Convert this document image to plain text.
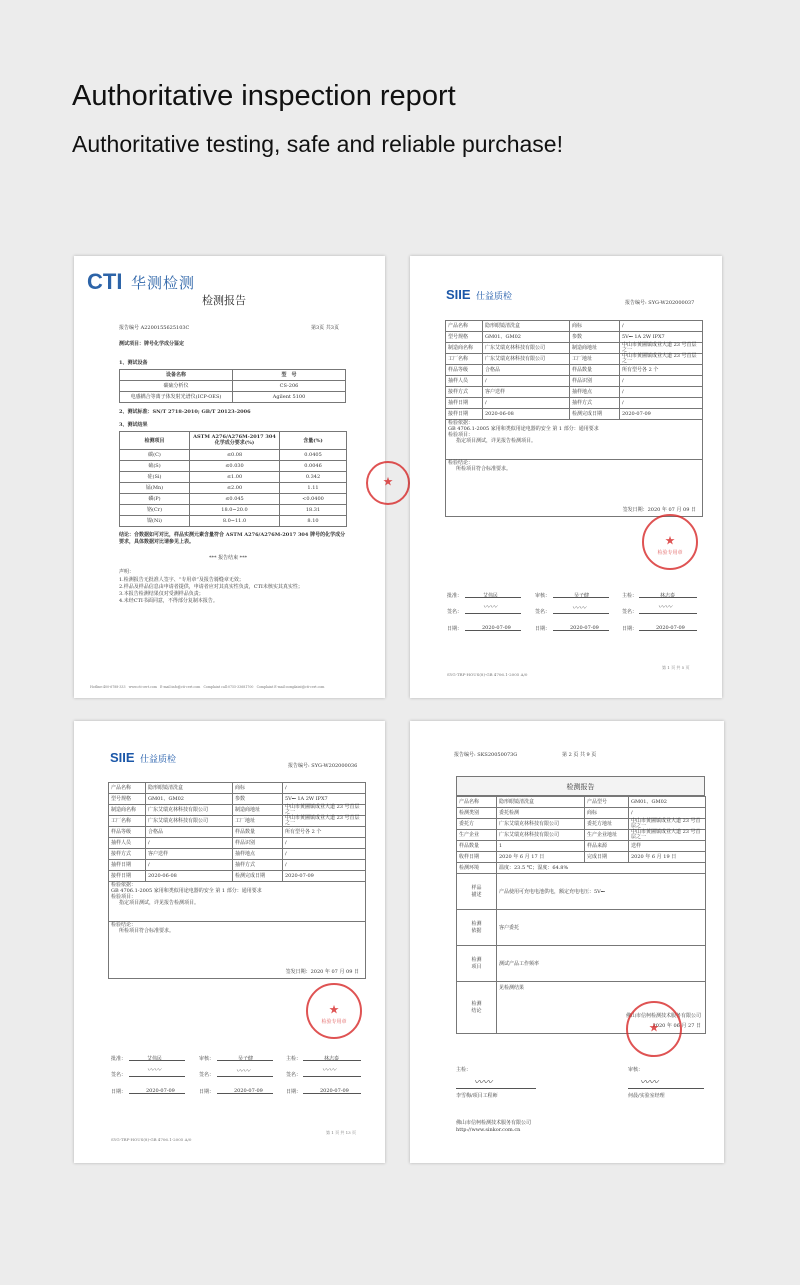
Authoritative inspection report
Authoritative testing, safe and reliable purchase!
CTI 华测检测
检测报告
报告编号 A2200155625103C	第3页 共3页
测试项目：牌号化学成分鉴定
1、测试设备
设备名称	型　号
碳硫分析仪	CS-206
电感耦合等离子体发射光谱仪(ICP-OES)	Agilent 5100
2、测试标准：SN/T 2718-2010; GB/T 20123-2006
3、测试结果
检测项目	ASTM A276/A276M-2017 304 化学成分要求(%)	含量(%)
碳(C)	≤0.08	0.0405
硫(S)	≤0.030	0.0046
硅(Si)	≤1.00	0.342
锰(Mn)	≤2.00	1.11
磷(P)	≤0.045	<0.0400
铬(Cr)	18.0~20.0	18.31
镍(Ni)	8.0~11.0	8.10
结论：合数据如可对比，样品实测元素含量符合 ASTM A276/A276M-2017 304 牌号的化学成分要求，具体数据对比请参见上表。
*** 报告结束 ***
声明：
1.检测报告无批准人签字、“专用章”及报告骑缝章无效；
2.样品及样品信息由申请者提供，申请者应对其真实性负责，CTI未核实其真实性；
3.本报告检测结果仅对受测样品负责；
4.未经CTI书面同意，不得部分复制本报告。
★
Hotline:400-6788-333　www.cti-cert.com　E-mail:info@cti-cert.com　Complaint call:0755-33681700　Complaint E-mail:complaint@cti-cert.com
SIIE 仕益质检
报告编号: SYG-W202000037
产品名称	隐形眼镜清洗盒	商标	/
型号规格	GM01、GM02	参数	5V⎓ 1A 2W IPX7
制造商名称	广东艾瑞克林科技有限公司	制造商地址	中山市黄圃镇成业大道 23 号首层之一
工厂名称	广东艾瑞克林科技有限公司	工厂地址	中山市黄圃镇成业大道 23 号首层之一
样品等级	合格品	样品数量	所有型号各 2 个
抽样人员	/	样品识别	/
接样方式	客户送样	抽样地点	/
抽样日期	/	抽样方式	/
接样日期	2020-06-08	检测完成日期	2020-07-09

检验依据：
GB 4706.1-2005 家用和类似用途电器的安全 第 1 部分：通用要求
检验项目：
指定项目测试，详见报告检测项目。			

检验结论：
所检项目符合标准要求。
签发日期：2020 年 07 月 09 日			
★
检验专用章
批准：	艾伟民	审核：	吴子健	主检：	林志泰
签名：
〰〰
签名：	〰〰	签名：
〰〰
日期：	2020-07-09	日期：	2020-07-09	日期：	2020-07-09
第 1 页 共 5 页
SYG-TRF-HOUS(8)-GB 4706.1-2005 A/0
SIIE 仕益质检
报告编号: SYG-W202000036
产品名称	隐形眼镜清洗盒	商标	/
型号规格	GM01、GM02	参数	5V⎓ 1A 2W IPX7
制造商名称	广东艾瑞克林科技有限公司	制造商地址	中山市黄圃镇成业大道 23 号首层之一
工厂名称	广东艾瑞克林科技有限公司	工厂地址	中山市黄圃镇成业大道 23 号首层之一
样品等级	合格品	样品数量	所有型号各 2 个
抽样人员	/	样品识别	/
接样方式	客户送样	抽样地点	/
抽样日期	/	抽样方式	/
接样日期	2020-06-08	检测完成日期	2020-07-09

检验依据：
GB 4706.1-2005 家用和类似用途电器的安全 第 1 部分：通用要求
检验项目：
指定项目测试，详见报告检测项目。			

检验结论：
所检项目符合标准要求。
签发日期：2020 年 07 月 09 日			
★
检验专用章
批准：	艾伟民	审核：	吴子健	主检：	林志泰
签名：
〰〰
签名：	〰〰	签名：
〰〰
日期：	2020-07-09	日期：	2020-07-09	日期：	2020-07-09
第 1 页 共 13 页
SYG-TRF-HOUS(8)-GB 4706.1-2005 A/0
报告编号: SKS20050073G	第 2 页 共 9 页
检测报告
产品名称	隐形眼镜清洗盒	产品型号	GM01、GM02
检测类别	委托检测	商标	/
委托方	广东艾瑞克林科技有限公司	委托方地址	中山市黄圃镇成业大道 23 号首层之一
生产企业	广东艾瑞克林科技有限公司	生产企业地址	中山市黄圃镇成业大道 23 号首层之一
样品数量	1	样品来源	送样
收样日期	2020 年 6 月 17 日	完成日期	2020 年 6 月 19 日
检测环境	温度：23.5 ℃；湿度：64.8%		
样品描述	产品使用可充电电池供电，额定充电电压：5V⎓		
检测依据	客户委托		
检测项目	测试产品工作频率		
检测结论	见检测结果
佛山市信柯检测技术服务有限公司
2020 年 06 月 27 日		
★
主检：
〰〰
李雪梅/项目工程师
审核：
〰〰
何晨/实验室经理
佛山市信柯检测技术服务有限公司
http://www.sinkor.com.cn
